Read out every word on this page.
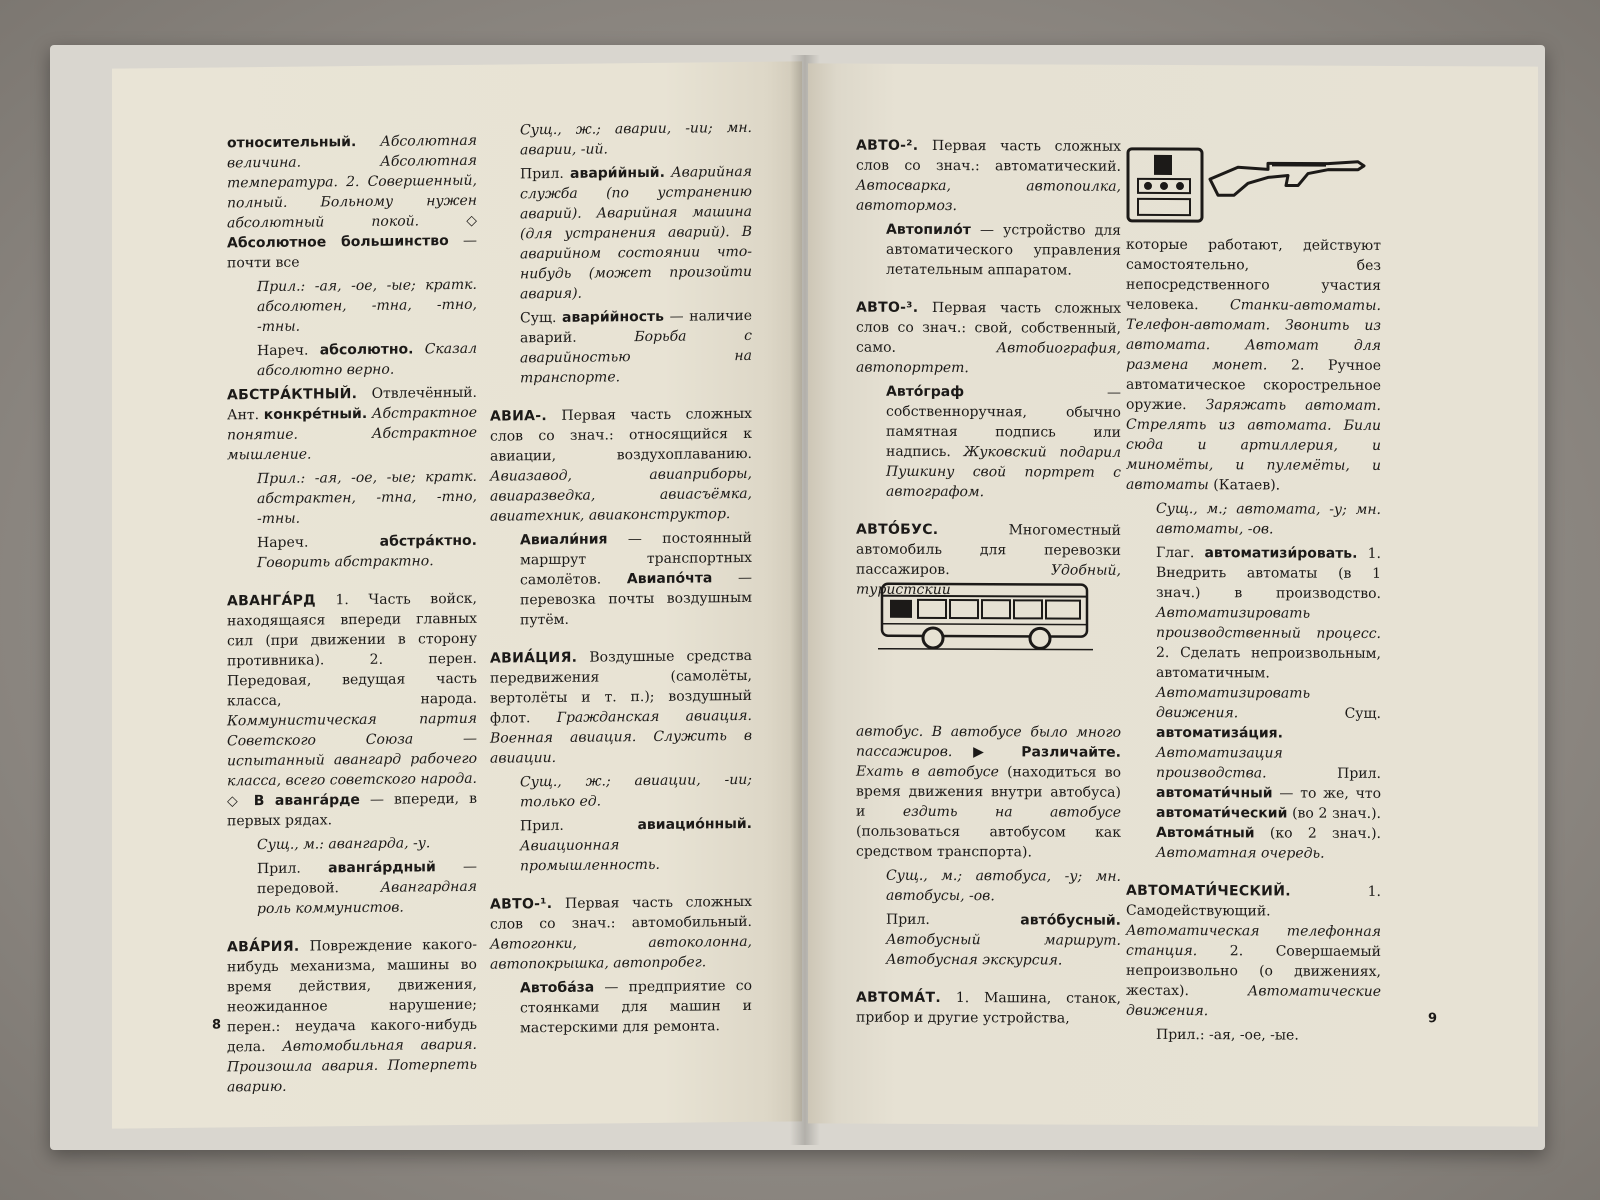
относительный. Абсолютная величина. Абсолютная температура. 2. Совершенный, полный. Больному нужен абсолютный покой.	◇ Абсолютное большинство — почти все

Прил.: -ая, -ое, -ые; кратк. абсолютен, -тна, -тно, -тны.

Нареч. абсолютно. Сказал абсолютно верно.

АБСТРА́КТНЫЙ. Отвлечённый. Ант. конкре́тный. Абстрактное понятие. Абстрактное мышление.

Прил.: -ая, -ое, -ые; кратк. абстрактен, -тна, -тно, -тны.

Нареч.	абстра́ктно. Говорить абстрактно.

АВАНГА́РД 1. Часть войск, находящаяся впереди главных сил (при движении в сторону противника). 2. перен. Передовая, ведущая часть класса, народа. Коммунистическая партия Советского Союза — испытанный авангард рабочего класса, всего советского народа. ◇ В аванга́рде — впереди, в первых рядах.

Сущ., м.: авангарда, -у.

Прил. аванга́рдный — передовой.	Авангардная роль коммунистов.

АВА́РИЯ. Повреждение какого-нибудь механизма, машины во время действия, движения, неожиданное нарушение; перен.: неудача какого-нибудь дела. Автомобильная авария. Произошла авария. Потерпеть аварию.

Сущ., ж.; аварии, -ии; мн. аварии, -ий.

Прил. авари́йный. Аварийная служба (по устранению аварий). Аварийная машина (для устранения аварий). В аварийном состоянии что-нибудь (может произойти авария).

Сущ. авари́йность — наличие аварий.	Борьба с аварийностью на транспорте.

АВИА-. Первая часть сложных слов со знач.: относящийся к авиации, воздухоплаванию. Авиазавод, авиаприборы, авиаразведка, авиасъёмка, авиатехник, авиаконструктор.

Авиали́ния — постоянный маршрут транспортных самолётов. Авиапо́чта — перевозка почты воздушным путём.

АВИА́ЦИЯ. Воздушные средства передвижения (самолёты, вертолёты и т. п.); воздушный флот. Гражданская авиация. Военная авиация. Служить в авиации.

Сущ., ж.; авиации, -ии; только ед.

Прил.	авиацио́нный. Авиационная промышленность.

АВТО-¹. Первая часть сложных слов со знач.: автомобильный. Автогонки, автоколонна, автопокрышка, автопробег.

Автоба́за — предприятие со стоянками для машин и мастерскими для ремонта.

8

АВТО-². Первая часть сложных слов со знач.: автоматический. Автосварка, автопоилка, автотормоз.

Автопило́т — устройство для автоматического управления летательным аппаратом.

АВТО-³. Первая часть сложных слов со знач.: свой, собственный, само.	Автобиография, автопортрет.

Авто́граф	— собственноручная, обычно памятная подпись или надпись. Жуковский подарил Пушкину свой портрет с автографом.

АВТО́БУС.	Многоместный автомобиль для перевозки пассажиров.	Удобный, туристский

автобус. В автобусе было много пассажиров. ▶ Различайте. Ехать в автобусе (находиться во время движения внутри автобуса) и	ездить на автобусе (пользоваться автобусом как средством транспорта).

Сущ., м.; автобуса, -у; мн. автобусы, -ов.

Прил.	авто́бусный. Автобусный маршрут. Автобусная экскурсия.

АВТОМА́Т. 1. Машина, станок, прибор и другие устройства,

которые работают, действуют самостоятельно, без непосредственного участия человека. Станки-автоматы. Телефон-автомат. Звонить из автомата. Автомат для размена монет. 2. Ручное автоматическое скорострельное оружие. Заряжать автомат. Стрелять из автомата. Били сюда и артиллерия, и миномёты, и пулемёты, и автоматы (Катаев).

Сущ., м.; автомата, -у; мн. автоматы, -ов.

Глаг. автоматизи́ровать. 1. Внедрить автоматы (в 1 знач.) в производство. Автоматизировать производственный процесс. 2. Сделать непроизвольным, автоматичным. Автоматизировать движения.	Сущ. автоматиза́ция. Автоматизация производства.	Прил. автомати́чный — то же, что автомати́ческий (во 2 знач.). Автома́тный (ко 2 знач.). Автоматная очередь.

АВТОМАТИ́ЧЕСКИЙ.	1. Самодействующий. Автоматическая телефонная станция. 2. Совершаемый непроизвольно (о движениях, жестах).	Автоматические движения.

Прил.: -ая, -ое, -ые.

9
